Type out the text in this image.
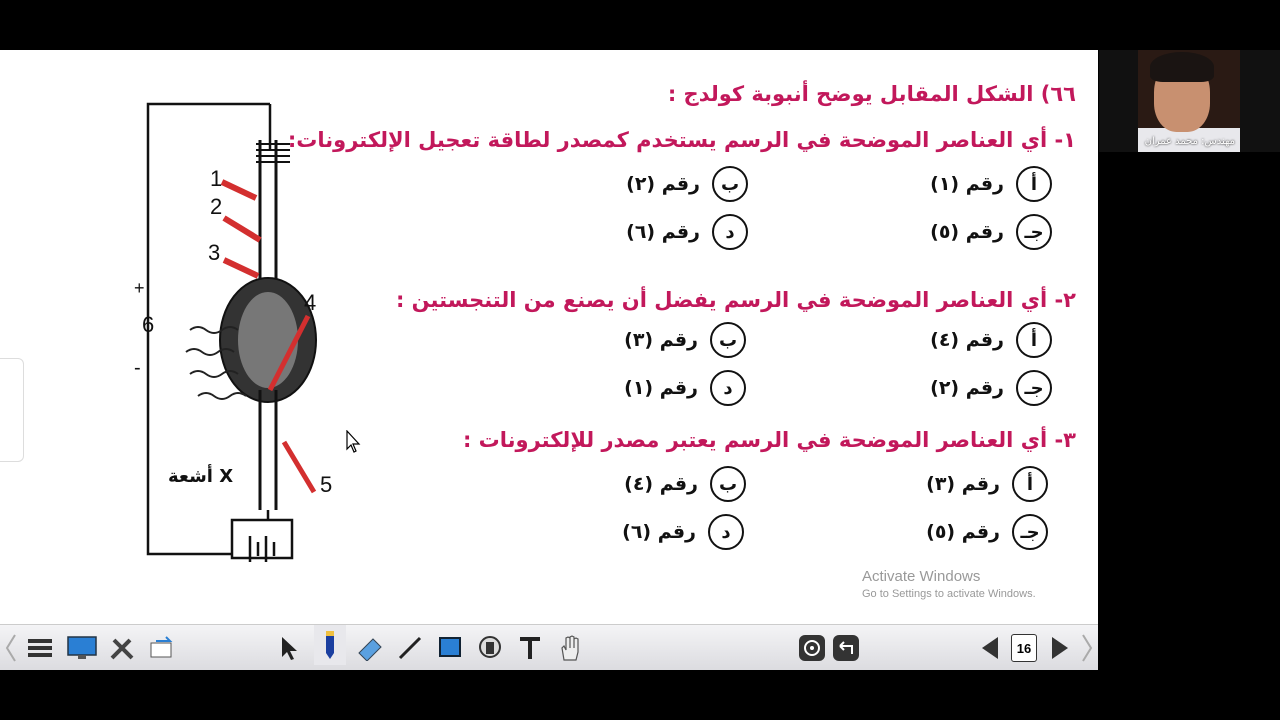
1
2
3
4
5
6
+
-
أشعة X
٦٦) الشكل المقابل يوضح أنبوبة كولدج :
١- أي العناصر الموضحة في الرسم يستخدم كمصدر لطاقة تعجيل الإلكترونات:
أ
رقم (١)
ب
رقم (٢)
جـ
رقم (٥)
د
رقم (٦)
٢- أي العناصر الموضحة في الرسم يفضل أن يصنع من التنجستين :
أ
رقم (٤)
ب
رقم (٣)
جـ
رقم (٢)
د
رقم (١)
٣- أي العناصر الموضحة في الرسم يعتبر مصدر للإلكترونات :
أ
رقم (٣)
ب
رقم (٤)
جـ
رقم (٥)
د
رقم (٦)
Activate Windows
Go to Settings to activate Windows.
مهندس: محمد عمران
16
